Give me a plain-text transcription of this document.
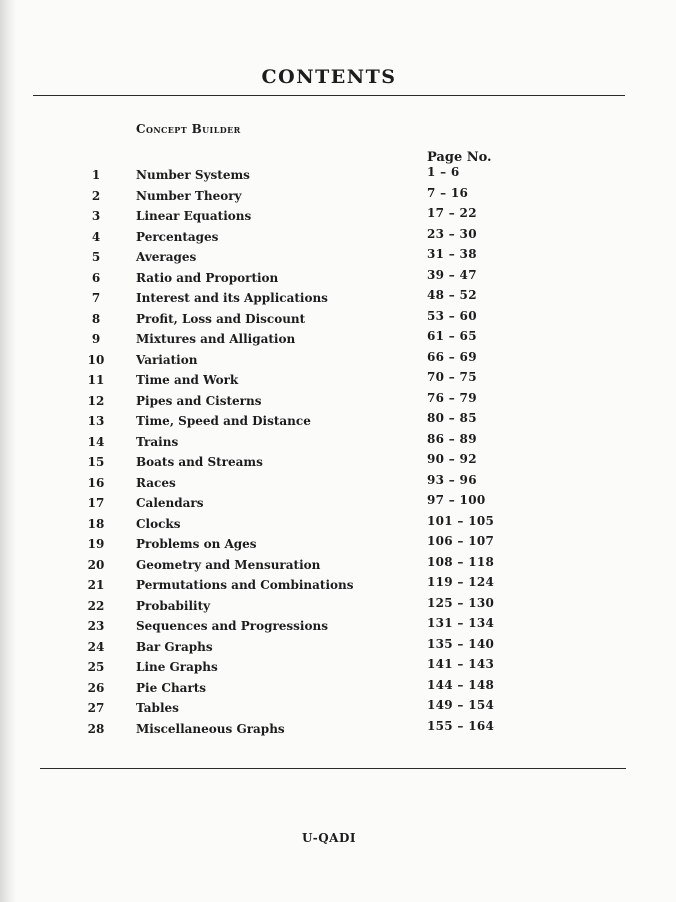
CONTENTS
Concept Builder
Page No.
1	Number Systems	1 – 6
2	Number Theory	7 – 16
3	Linear Equations	17 – 22
4	Percentages	23 – 30
5	Averages	31 – 38
6	Ratio and Proportion	39 – 47
7	Interest and its Applications	48 – 52
8	Profit, Loss and Discount	53 – 60
9	Mixtures and Alligation	61 – 65
10	Variation	66 – 69
11	Time and Work	70 – 75
12	Pipes and Cisterns	76 – 79
13	Time, Speed and Distance	80 – 85
14	Trains	86 – 89
15	Boats and Streams	90 – 92
16	Races	93 – 96
17	Calendars	97 – 100
18	Clocks	101 – 105
19	Problems on Ages	106 – 107
20	Geometry and Mensuration	108 – 118
21	Permutations and Combinations	119 – 124
22	Probability	125 – 130
23	Sequences and Progressions	131 – 134
24	Bar Graphs	135 – 140
25	Line Graphs	141 – 143
26	Pie Charts	144 – 148
27	Tables	149 – 154
28	Miscellaneous Graphs	155 – 164
U-QADI
